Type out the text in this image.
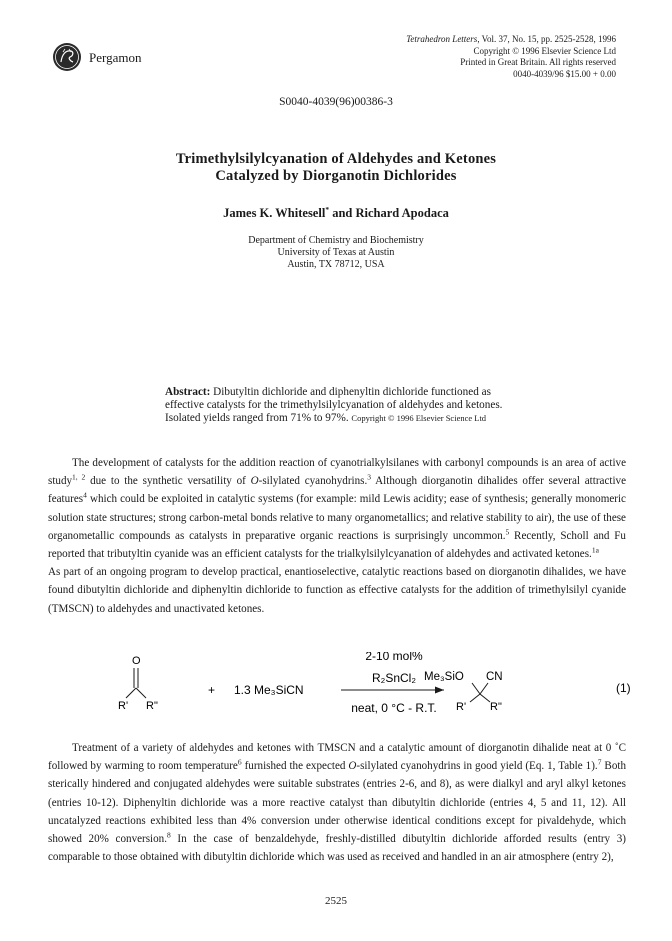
Pergamon
Tetrahedron Letters, Vol. 37, No. 15, pp. 2525-2528, 1996
Copyright © 1996 Elsevier Science Ltd
Printed in Great Britain. All rights reserved
0040-4039/96 $15.00 + 0.00
S0040-4039(96)00386-3
Trimethylsilylcyanation of Aldehydes and Ketones
Catalyzed by Diorganotin Dichlorides
James K. Whitesell* and Richard Apodaca
Department of Chemistry and Biochemistry
University of Texas at Austin
Austin, TX 78712, USA
Abstract: Dibutyltin dichloride and diphenyltin dichloride functioned as effective catalysts for the trimethylsilylcyanation of aldehydes and ketones. Isolated yields ranged from 71% to 97%. Copyright © 1996 Elsevier Science Ltd

The development of catalysts for the addition reaction of cyanotrialkylsilanes with carbonyl compounds is an area of active study$^{1, 2}$ due to the synthetic versatility of O-silylated cyanohydrins.$^3$ Although diorganotin dihalides offer several attractive features$^4$ which could be exploited in catalytic systems (for example: mild Lewis acidity; ease of synthesis; generally monomeric solution state structures; strong carbon-metal bonds relative to many organometallics; and relative stability to air), the use of these organometallic compounds as catalysts in preparative organic reactions is surprisingly uncommon.$^5$ Recently, Scholl and Fu reported that tributyltin cyanide was an efficient catalysts for the trialkylsilylcyanation of aldehydes and activated ketones.$^{1a}$

As part of an ongoing program to develop practical, enantioselective, catalytic reactions based on diorganotin dihalides, we have found dibutyltin dichloride and diphenyltin dichloride to function as effective catalysts for the addition of trimethylsilyl cyanide (TMSCN) to aldehydes and unactivated ketones.

O
R' R"
+ 1.3 Me₃SiCN
2-10 mol%
R₂SnCl₂
neat, 0 °C - R.T.
Me₃SiO CN
R' R"
(1)

Treatment of a variety of aldehydes and ketones with TMSCN and a catalytic amount of diorganotin dihalide neat at 0 ˚C followed by warming to room temperature$^6$ furnished the expected O-silylated cyanohydrins in good yield (Eq. 1, Table 1).$^7$ Both sterically hindered and conjugated aldehydes were suitable substrates (entries 2-6, and 8), as were dialkyl and aryl alkyl ketones (entries 10-12). Diphenyltin dichloride was a more reactive catalyst than dibutyltin dichloride (entries 4, 5 and 11, 12). All uncatalyzed reactions exhibited less than 4% conversion under otherwise identical conditions except for pivaldehyde, which showed 20% conversion.$^8$ In the case of benzaldehyde, freshly-distilled dibutyltin dichloride afforded results (entry 3) comparable to those obtained with dibutyltin dichloride which was used as received and handled in an air atmosphere (entry 2),

2525
